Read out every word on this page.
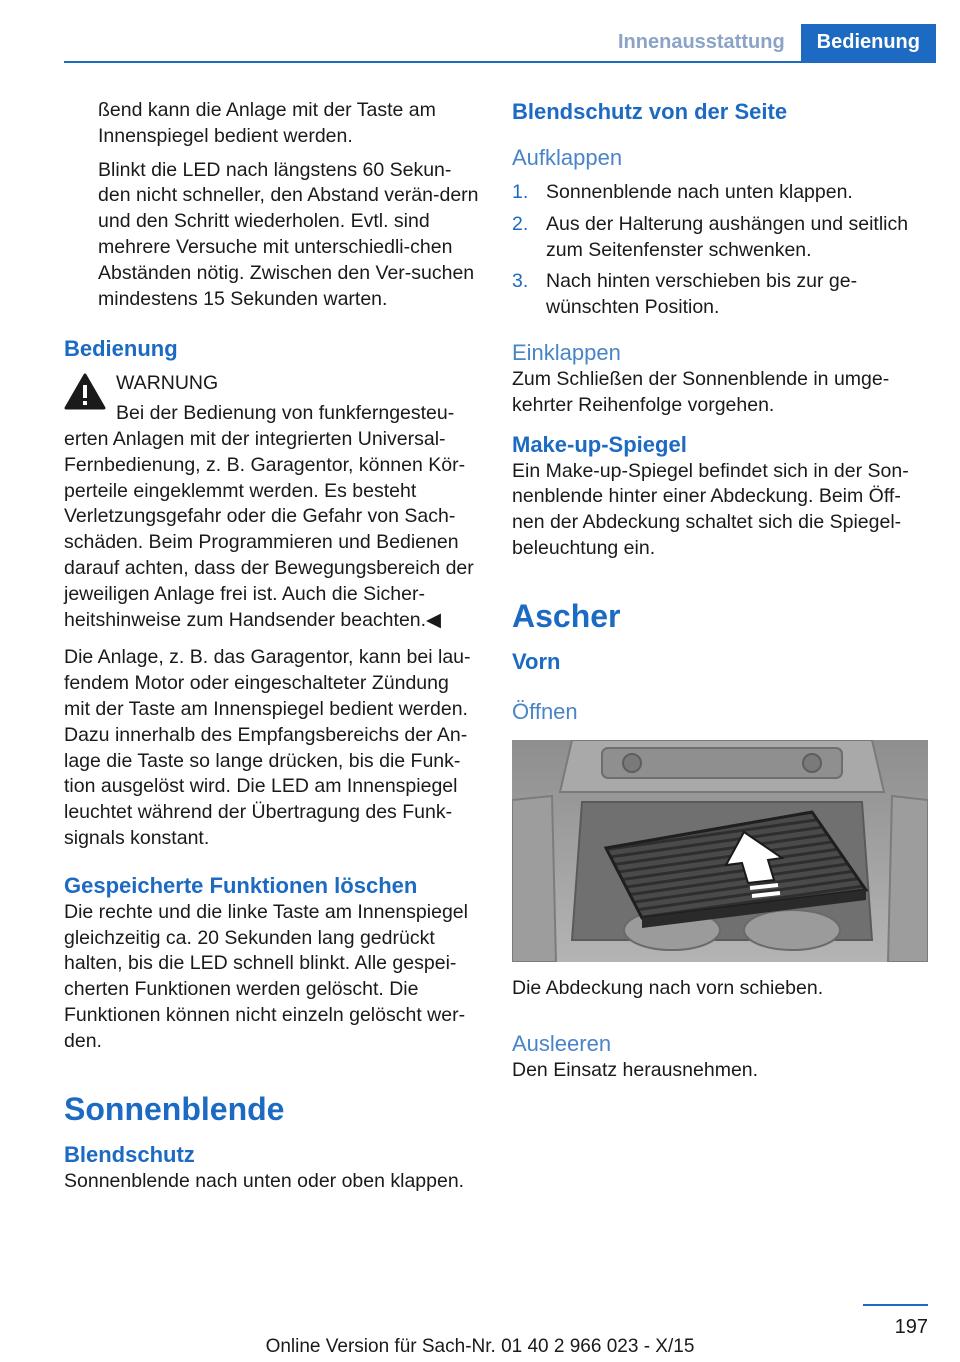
Innenausstattung	Bedienung

ßend kann die Anlage mit der Taste am Innenspiegel bedient werden.

Blinkt die LED nach längstens 60 Sekun‐den nicht schneller, den Abstand verän‐dern und den Schritt wiederholen. Evtl. sind mehrere Versuche mit unterschiedli‐chen Abständen nötig. Zwischen den Ver‐suchen mindestens 15 Sekunden warten.

Bedienung

WARNUNG

Bei der Bedienung von funkferngesteu‐

erten Anlagen mit der integrierten Universal-Fernbedienung, z. B. Garagentor, können Kör‐perteile eingeklemmt werden. Es besteht Verletzungsgefahr oder die Gefahr von Sach‐schäden. Beim Programmieren und Bedienen darauf achten, dass der Bewegungsbereich der jeweiligen Anlage frei ist. Auch die Sicher‐heitshinweise zum Handsender beachten.◀

Die Anlage, z. B. das Garagentor, kann bei lau‐fendem Motor oder eingeschalteter Zündung mit der Taste am Innenspiegel bedient werden. Dazu innerhalb des Empfangsbereichs der An‐lage die Taste so lange drücken, bis die Funk‐tion ausgelöst wird. Die LED am Innenspiegel leuchtet während der Übertragung des Funk‐signals konstant.

Gespeicherte Funktionen löschen

Die rechte und die linke Taste am Innenspiegel gleichzeitig ca. 20 Sekunden lang gedrückt halten, bis die LED schnell blinkt. Alle gespei‐cherten Funktionen werden gelöscht. Die Funktionen können nicht einzeln gelöscht wer‐den.

Sonnenblende
Blendschutz

Sonnenblende nach unten oder oben klappen.

Blendschutz von der Seite
Aufklappen
1. Sonnenblende nach unten klappen.
2. Aus der Halterung aushängen und seitlich zum Seitenfenster schwenken.
3. Nach hinten verschieben bis zur ge‐wünschten Position.
Einklappen

Zum Schließen der Sonnenblende in umge‐kehrter Reihenfolge vorgehen.

Make-up-Spiegel

Ein Make-up-Spiegel befindet sich in der Son‐nenblende hinter einer Abdeckung. Beim Öff‐nen der Abdeckung schaltet sich die Spiegel‐beleuchtung ein.

Ascher
Vorn
Öffnen

Die Abdeckung nach vorn schieben.

Ausleeren

Den Einsatz herausnehmen.

197
Online Version für Sach-Nr. 01 40 2 966 023 - X/15
